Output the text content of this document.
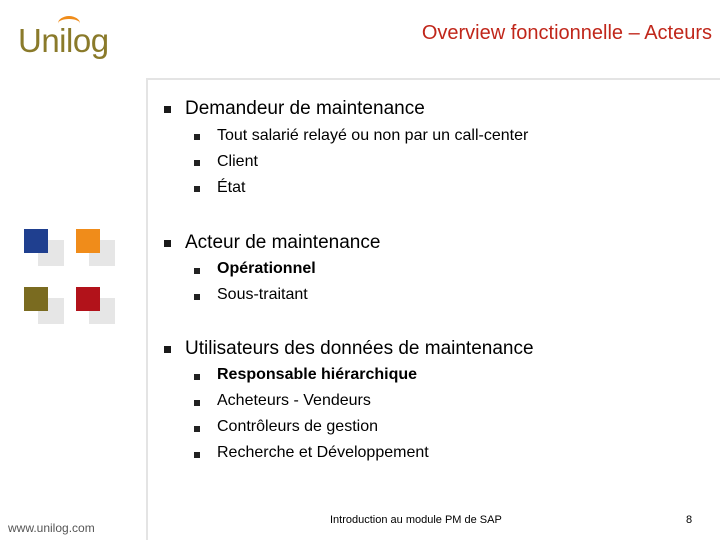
Unilog	Overview fonctionnelle – Acteurs
Demandeur de maintenance
Tout salarié relayé ou non par un call-center
Client
État
Acteur de maintenance
Opérationnel
Sous-traitant
Utilisateurs des données de maintenance
Responsable hiérarchique
Acheteurs - Vendeurs
Contrôleurs de gestion
Recherche et Développement
www.unilog.com
Introduction au module PM de SAP	8
